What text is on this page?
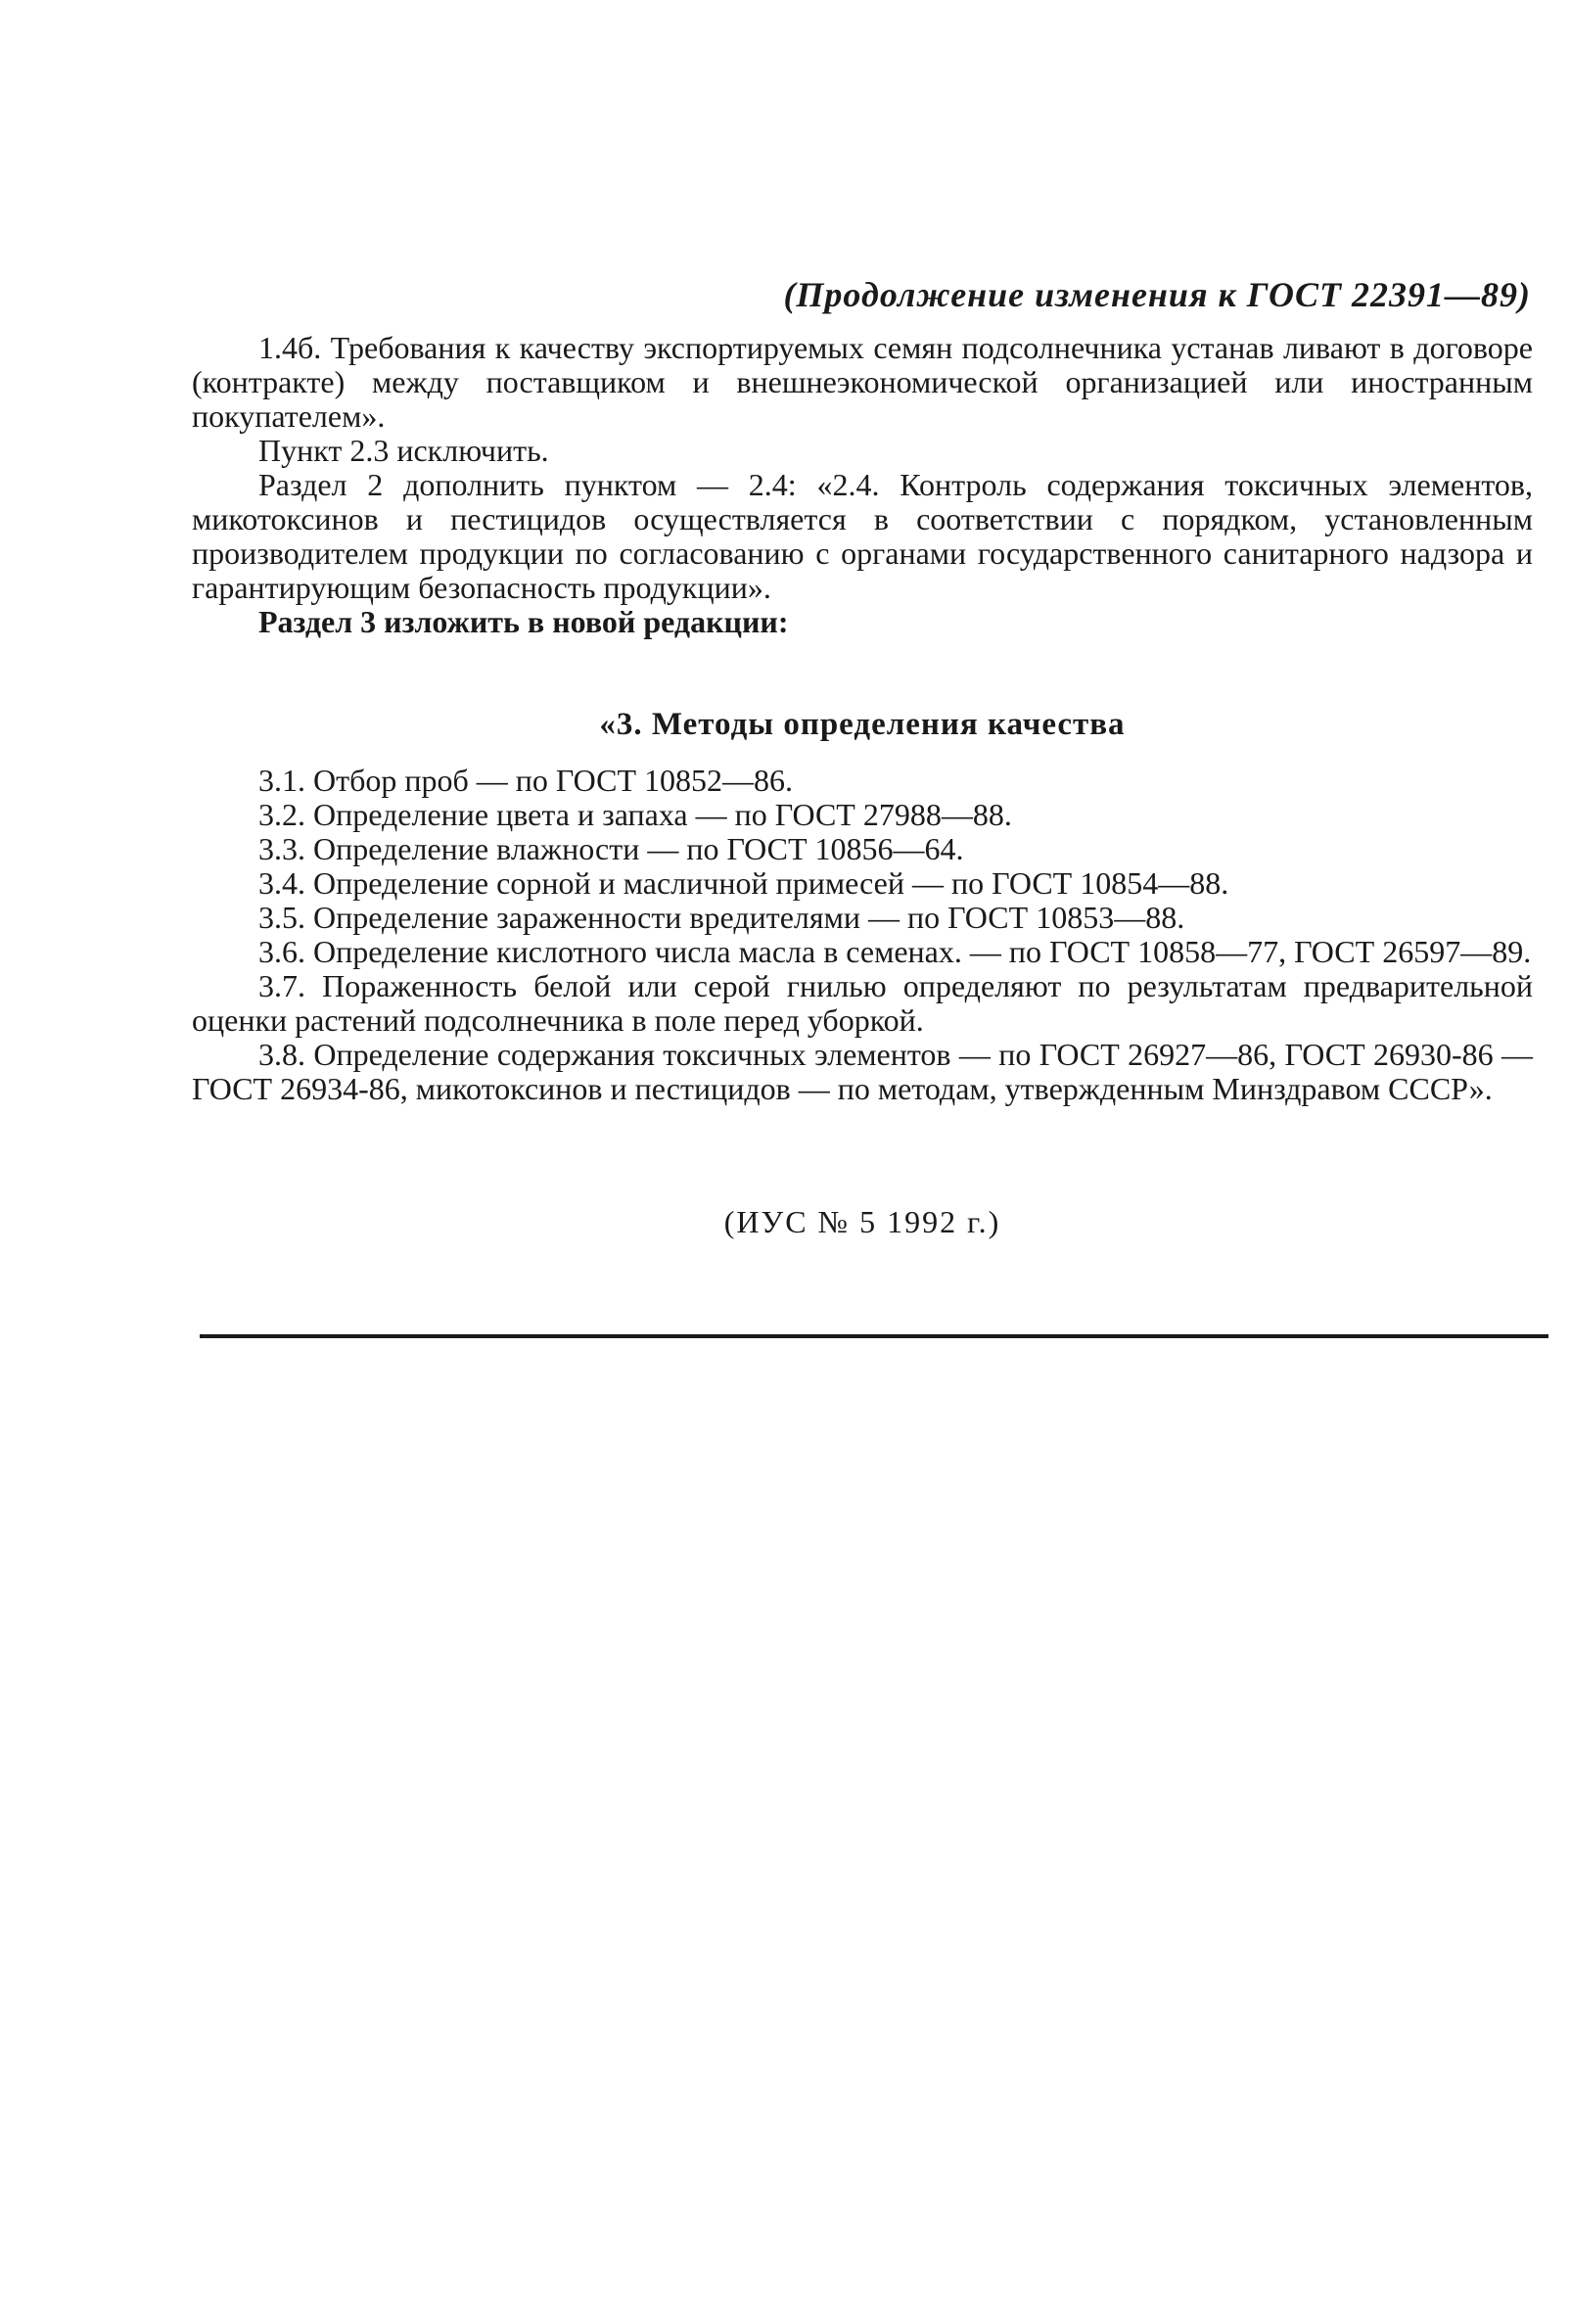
(Продолжение изменения к ГОСТ 22391—89)

1.4б. Требования к качеству экспортируемых семян подсолнечника устанав ливают в договоре (контракте) между поставщиком и внешнеэкономической организацией или иностранным покупателем».

Пункт 2.3 исключить.

Раздел 2 дополнить пунктом — 2.4: «2.4. Контроль содержания токсичных элементов, микотоксинов и пестицидов осуществляется в соответствии с порядком, установленным производителем продукции по согласованию с органами государственного санитарного надзора и гарантирующим безопасность продукции».

Раздел 3 изложить в новой редакции:

«3. Методы определения качества

3.1. Отбор проб — по ГОСТ 10852—86.

3.2. Определение цвета и запаха — по ГОСТ 27988—88.

3.3. Определение влажности — по ГОСТ 10856—64.

3.4. Определение сорной и масличной примесей — по ГОСТ 10854—88.

3.5. Определение зараженности вредителями — по ГОСТ 10853—88.

3.6. Определение кислотного числа масла в семенах. — по ГОСТ 10858—77, ГОСТ 26597—89.

3.7. Пораженность белой или серой гнилью определяют по результатам предварительной оценки растений подсолнечника в поле перед уборкой.

3.8. Определение содержания токсичных элементов — по ГОСТ 26927—86, ГОСТ 26930-86 — ГОСТ 26934-86, микотоксинов и пестицидов — по методам, утвержденным Минздравом СССР».

(ИУС № 5 1992 г.)
